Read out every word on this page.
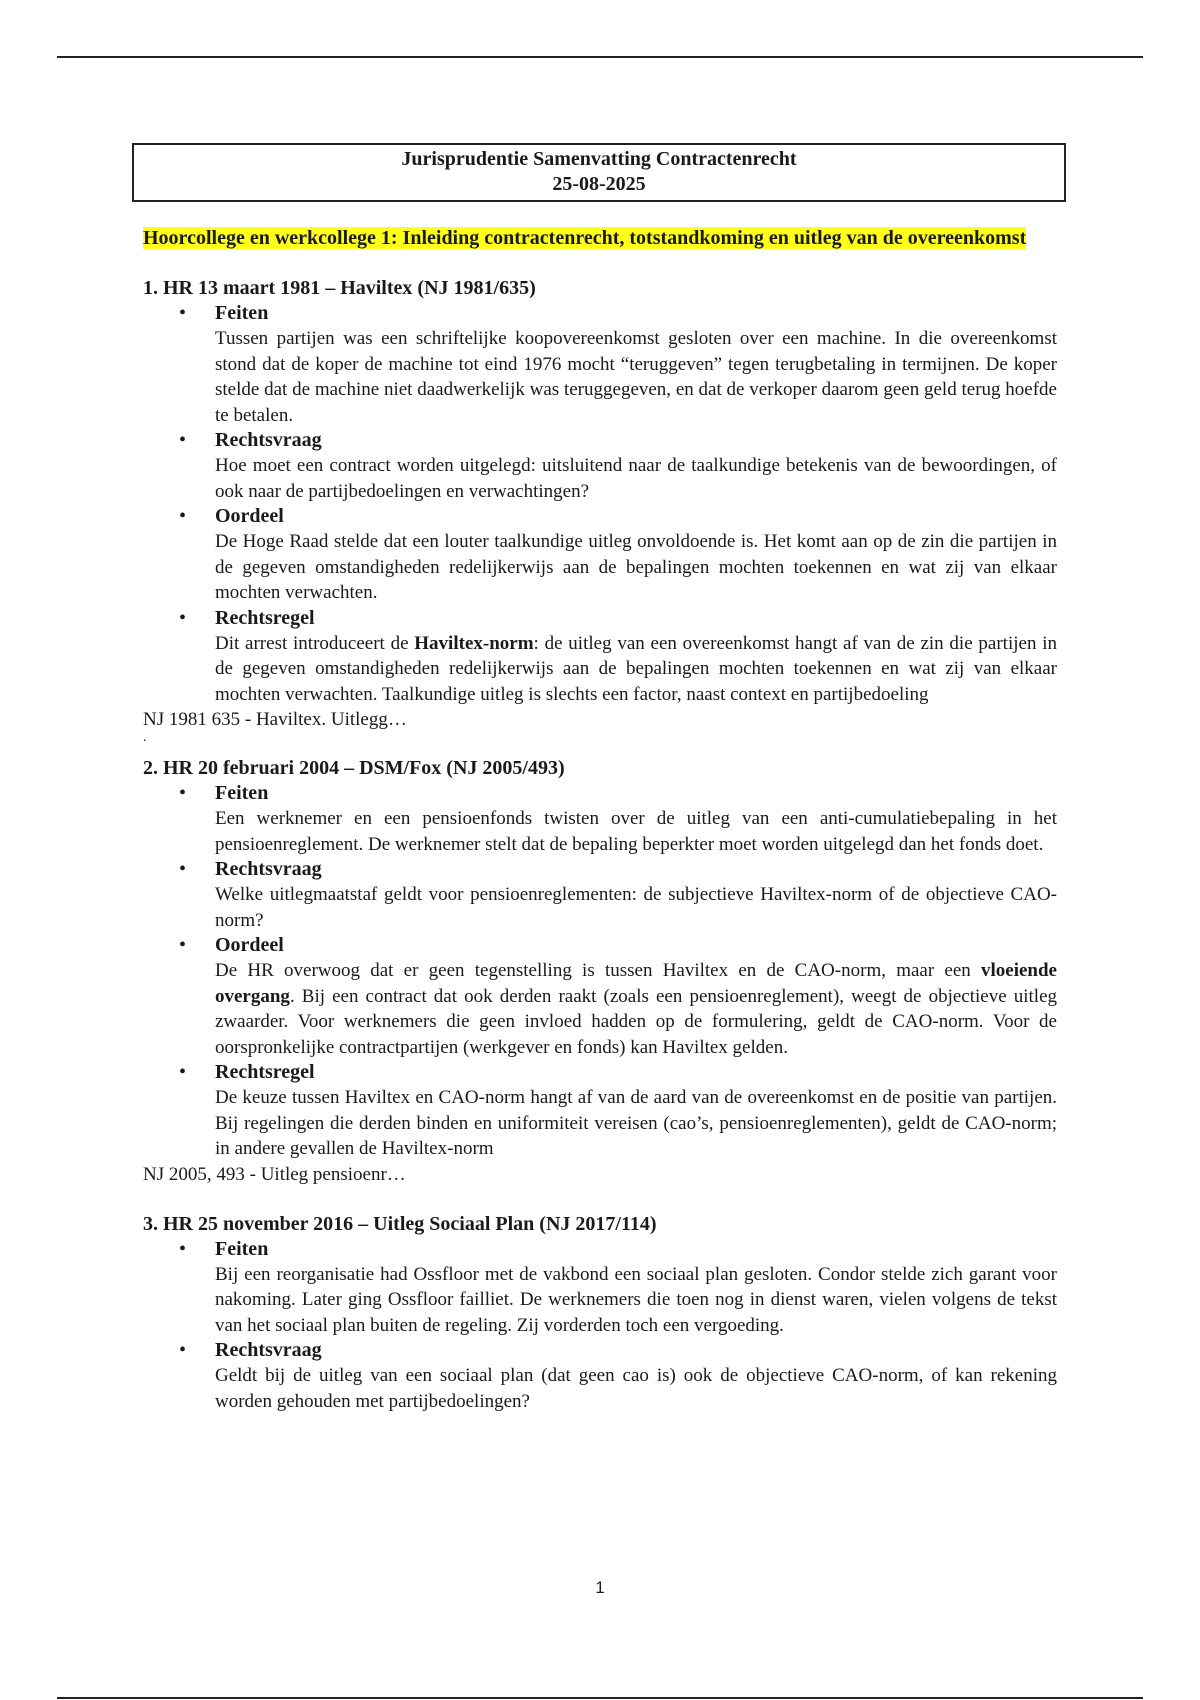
Jurisprudentie Samenvatting Contractenrecht
25-08-2025
Hoorcollege en werkcollege 1: Inleiding contractenrecht, totstandkoming en uitleg van de overeenkomst
1. HR 13 maart 1981 – Haviltex (NJ 1981/635)
• Feiten
Tussen partijen was een schriftelijke koopovereenkomst gesloten over een machine. In die overeenkomst stond dat de koper de machine tot eind 1976 mocht “teruggeven” tegen terugbetaling in termijnen. De koper stelde dat de machine niet daadwerkelijk was teruggegeven, en dat de verkoper daarom geen geld terug hoefde te betalen.
• Rechtsvraag
Hoe moet een contract worden uitgelegd: uitsluitend naar de taalkundige betekenis van de bewoordingen, of ook naar de partijbedoelingen en verwachtingen?
• Oordeel
De Hoge Raad stelde dat een louter taalkundige uitleg onvoldoende is. Het komt aan op de zin die partijen in de gegeven omstandigheden redelijkerwijs aan de bepalingen mochten toekennen en wat zij van elkaar mochten verwachten.
• Rechtsregel
Dit arrest introduceert de Haviltex-norm: de uitleg van een overeenkomst hangt af van de zin die partijen in de gegeven omstandigheden redelijkerwijs aan de bepalingen mochten toekennen en wat zij van elkaar mochten verwachten. Taalkundige uitleg is slechts een factor, naast context en partijbedoeling
NJ 1981 635 - Haviltex. Uitlegg…
.
2. HR 20 februari 2004 – DSM/Fox (NJ 2005/493)
• Feiten
Een werknemer en een pensioenfonds twisten over de uitleg van een anti-cumulatiebepaling in het pensioenreglement. De werknemer stelt dat de bepaling beperkter moet worden uitgelegd dan het fonds doet.
• Rechtsvraag
Welke uitlegmaatstaf geldt voor pensioenreglementen: de subjectieve Haviltex-norm of de objectieve CAO-norm?
• Oordeel
De HR overwoog dat er geen tegenstelling is tussen Haviltex en de CAO-norm, maar een vloeiende overgang. Bij een contract dat ook derden raakt (zoals een pensioenreglement), weegt de objectieve uitleg zwaarder. Voor werknemers die geen invloed hadden op de formulering, geldt de CAO-norm. Voor de oorspronkelijke contractpartijen (werkgever en fonds) kan Haviltex gelden.
• Rechtsregel
De keuze tussen Haviltex en CAO-norm hangt af van de aard van de overeenkomst en de positie van partijen. Bij regelingen die derden binden en uniformiteit vereisen (cao’s, pensioenreglementen), geldt de CAO-norm; in andere gevallen de Haviltex-norm
NJ 2005, 493 - Uitleg pensioenr…
3. HR 25 november 2016 – Uitleg Sociaal Plan (NJ 2017/114)
• Feiten
Bij een reorganisatie had Ossfloor met de vakbond een sociaal plan gesloten. Condor stelde zich garant voor nakoming. Later ging Ossfloor failliet. De werknemers die toen nog in dienst waren, vielen volgens de tekst van het sociaal plan buiten de regeling. Zij vorderden toch een vergoeding.
• Rechtsvraag
Geldt bij de uitleg van een sociaal plan (dat geen cao is) ook de objectieve CAO-norm, of kan rekening worden gehouden met partijbedoelingen?
1
